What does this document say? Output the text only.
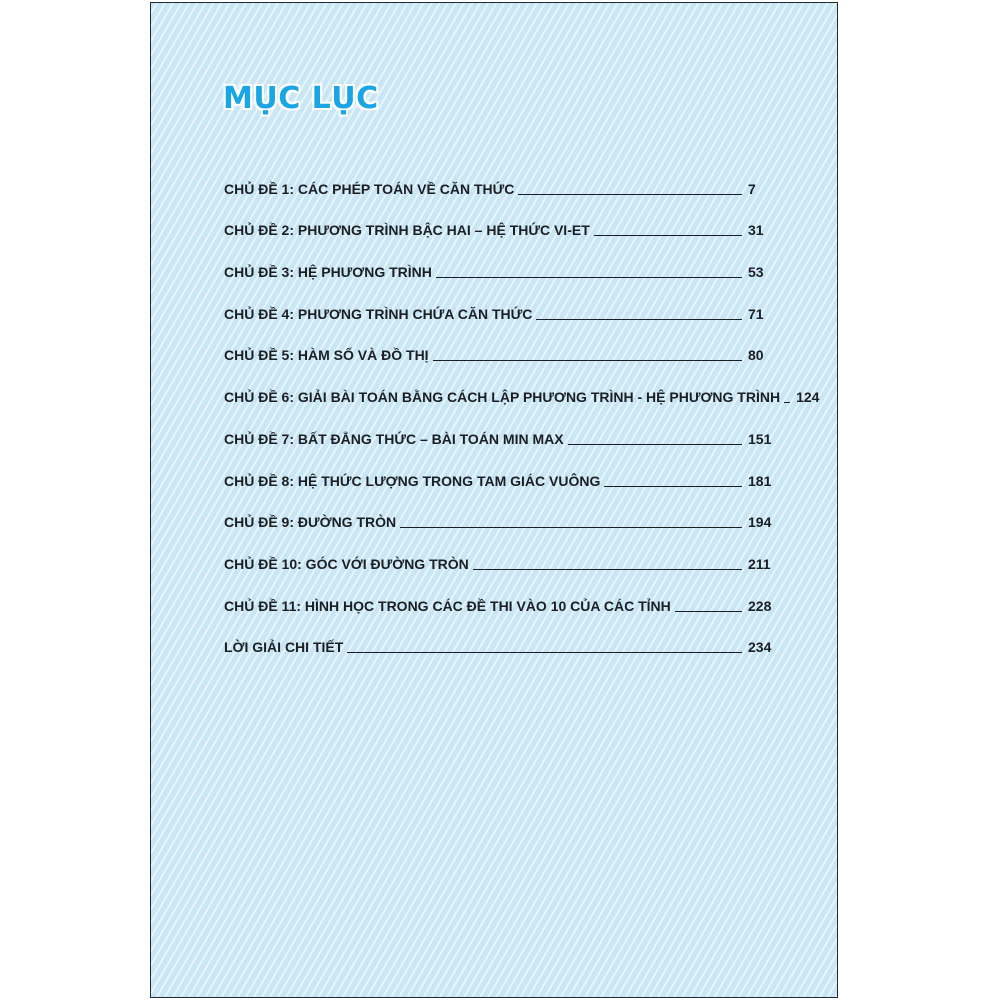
MỤC LỤC
CHỦ ĐỀ 1: CÁC PHÉP TOÁN VỀ CĂN THỨC	7
CHỦ ĐỀ 2: PHƯƠNG TRÌNH BẬC HAI – HỆ THỨC VI-ET	31
CHỦ ĐỀ 3: HỆ PHƯƠNG TRÌNH	53
CHỦ ĐỀ 4: PHƯƠNG TRÌNH CHỨA CĂN THỨC	71
CHỦ ĐỀ 5: HÀM SỐ VÀ ĐỒ THỊ	80
CHỦ ĐỀ 6: GIẢI BÀI TOÁN BẰNG CÁCH LẬP PHƯƠNG TRÌNH - HỆ PHƯƠNG TRÌNH 124
CHỦ ĐỀ 7: BẤT ĐẲNG THỨC – BÀI TOÁN MIN MAX	151
CHỦ ĐỀ 8: HỆ THỨC LƯỢNG TRONG TAM GIÁC VUÔNG	181
CHỦ ĐỀ 9: ĐƯỜNG TRÒN	194
CHỦ ĐỀ 10: GÓC VỚI ĐƯỜNG TRÒN	211
CHỦ ĐỀ 11: HÌNH HỌC TRONG CÁC ĐỀ THI VÀO 10 CỦA CÁC TỈNH	228
LỜI GIẢI CHI TIẾT	234
